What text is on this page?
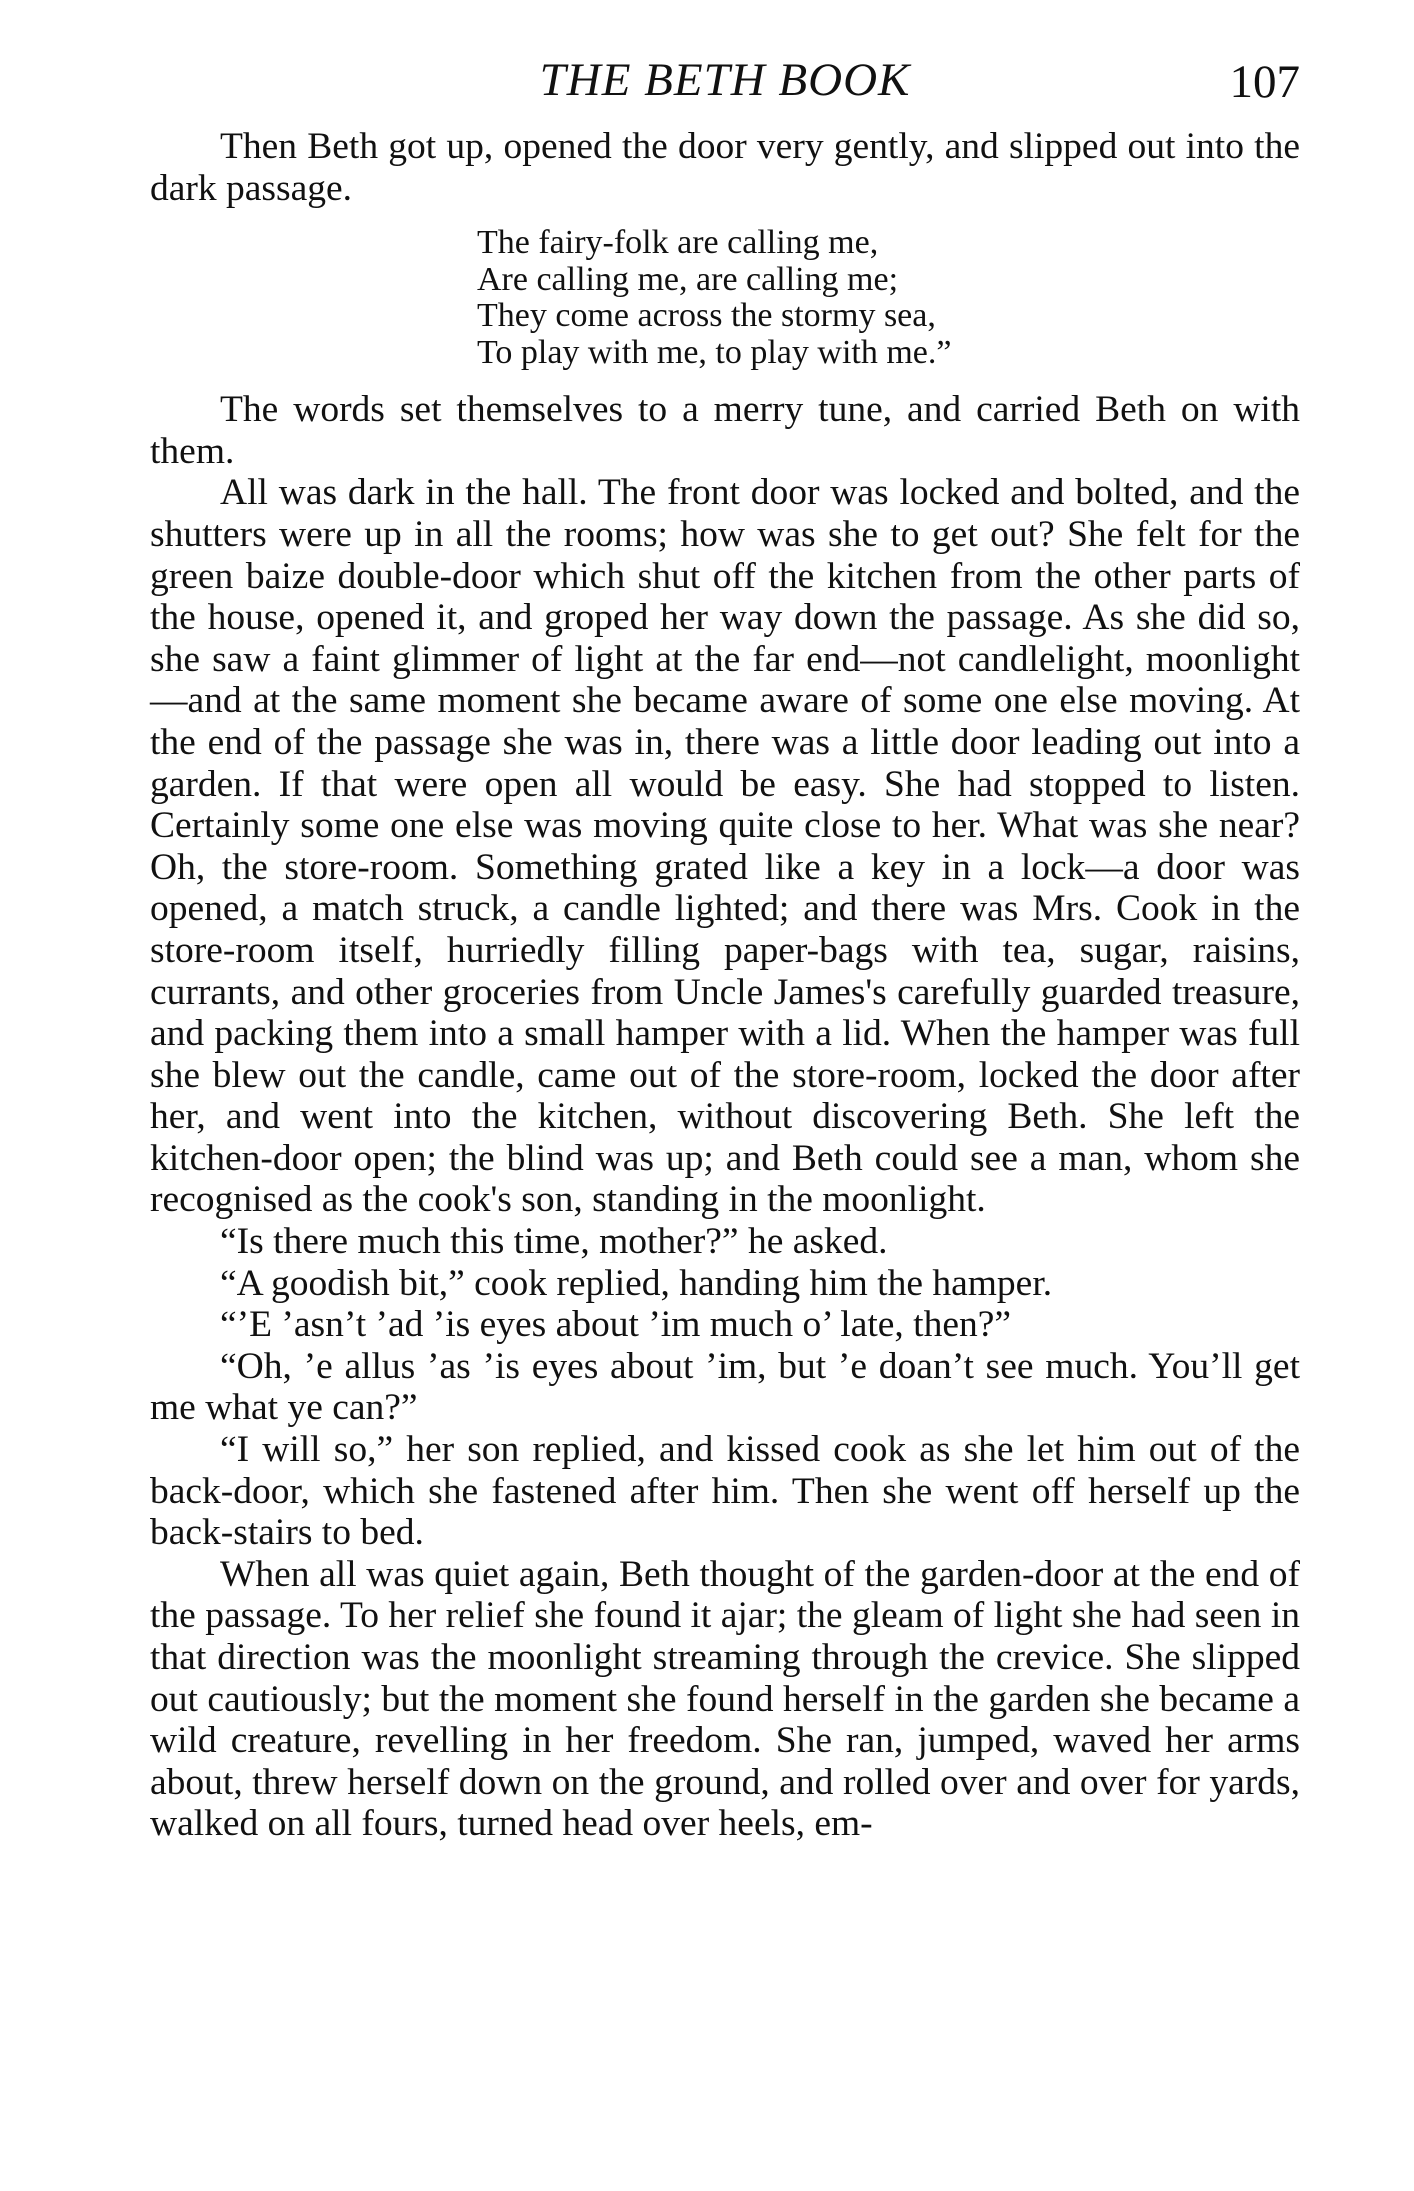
THE BETH BOOK	107

Then Beth got up, opened the door very gently, and slipped out into the dark passage.

The fairy-folk are calling me,
Are calling me, are calling me;
They come across the stormy sea,
To play with me, to play with me.”

The words set themselves to a merry tune, and carried Beth on with them.

All was dark in the hall. The front door was locked and bolted, and the shutters were up in all the rooms; how was she to get out? She felt for the green baize double-door which shut off the kitchen from the other parts of the house, opened it, and groped her way down the passage. As she did so, she saw a faint glimmer of light at the far end—not candlelight, moonlight—and at the same moment she became aware of some one else moving. At the end of the passage she was in, there was a little door leading out into a garden. If that were open all would be easy. She had stopped to listen. Certainly some one else was moving quite close to her. What was she near? Oh, the store-room. Something grated like a key in a lock—a door was opened, a match struck, a candle lighted; and there was Mrs. Cook in the store-room itself, hurriedly filling paper-bags with tea, sugar, raisins, currants, and other groceries from Uncle James's carefully guarded treasure, and packing them into a small hamper with a lid. When the hamper was full she blew out the candle, came out of the store-room, locked the door after her, and went into the kitchen, without discovering Beth. She left the kitchen-door open; the blind was up; and Beth could see a man, whom she recognised as the cook's son, standing in the moonlight.

“Is there much this time, mother?” he asked.

“A goodish bit,” cook replied, handing him the hamper.

“’E ’asn’t ’ad ’is eyes about ’im much o’ late, then?”

“Oh, ’e allus ’as ’is eyes about ’im, but ’e doan’t see much. You’ll get me what ye can?”

“I will so,” her son replied, and kissed cook as she let him out of the back-door, which she fastened after him. Then she went off herself up the back-stairs to bed.

When all was quiet again, Beth thought of the garden-door at the end of the passage. To her relief she found it ajar; the gleam of light she had seen in that direction was the moonlight streaming through the crevice. She slipped out cautiously; but the moment she found herself in the garden she became a wild creature, revelling in her freedom. She ran, jumped, waved her arms about, threw herself down on the ground, and rolled over and over for yards, walked on all fours, turned head over heels, em-
